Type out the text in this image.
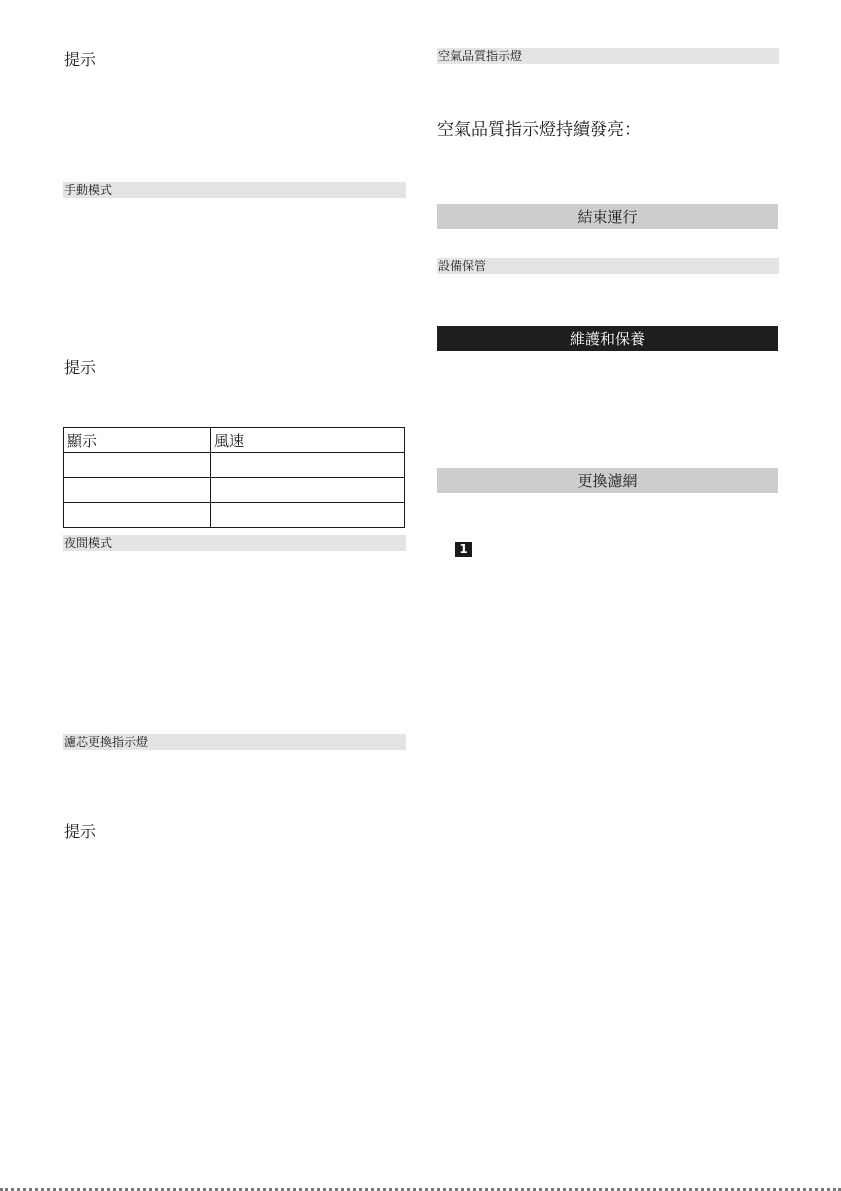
提示
手動模式
提示
顯示	風速

夜間模式
濾芯更換指示燈
提示
空氣品質指示燈
空氣品質指示燈持續發亮：
結束運行
設備保管
維護和保養
更換濾網
1
